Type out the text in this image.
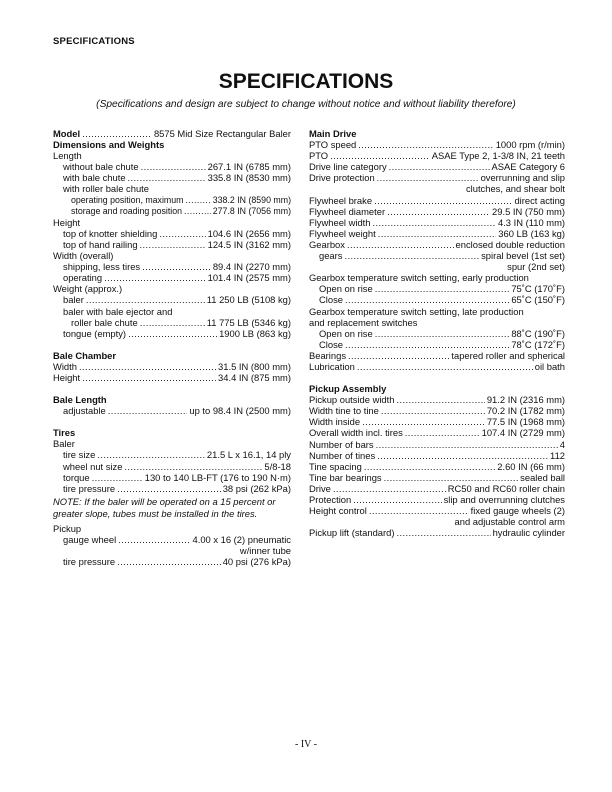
SPECIFICATIONS
SPECIFICATIONS
(Specifications and design are subject to change without notice and without liability therefore)
Model .....	8575 Mid Size Rectangular Baler
Dimensions and Weights
Length
without bale chute .....	267.1 IN (6785 mm)
with bale chute .....	335.8 IN (8530 mm)
with roller bale chute
operating position, maximum .....	338.2 IN (8590 mm)
storage and roading position .....	277.8 IN (7056 mm)
Height
top of knotter shielding .....	104.6 IN (2656 mm)
top of hand railing .....	124.5 IN (3162 mm)
Width (overall)
shipping, less tires .....	89.4 IN (2270 mm)
operating .....	101.4 IN (2575 mm)
Weight (approx.)
baler .....	11 250 LB (5108 kg)
baler with bale ejector and
roller bale chute .....	11 775 LB (5346 kg)
tongue (empty) .....	1900 LB (863 kg)
Bale Chamber
Width .....	31.5 IN (800 mm)
Height .....	34.4 IN (875 mm)
Bale Length
adjustable .....	up to 98.4 IN (2500 mm)
Tires
Baler
tire size .....	21.5 L x 16.1, 14 ply
wheel nut size .....	5/8-18
torque .....	130 to 140 LB-FT (176 to 190 N·m)
tire pressure .....	38 psi (262 kPa)
NOTE: If the baler will be operated on a 15 percent or greater slope, tubes must be installed in the tires.
Pickup
gauge wheel .....	4.00 x 16 (2) pneumatic
w/inner tube
tire pressure .....	40 psi (276 kPa)
Main Drive
PTO speed .....	1000 rpm (r/min)
PTO .....	ASAE Type 2, 1-3/8 IN, 21 teeth
Drive line category .....	ASAE Category 6
Drive protection .....	overrunning and slip
clutches, and shear bolt
Flywheel brake .....	direct acting
Flywheel diameter .....	29.5 IN (750 mm)
Flywheel width .....	4.3 IN (110 mm)
Flywheel weight .....	360 LB (163 kg)
Gearbox .....	enclosed double reduction
gears .....	spiral bevel (1st set)
spur (2nd set)
Gearbox temperature switch setting, early production
Open on rise .....	75˚C (170˚F)
Close .....	65˚C (150˚F)
Gearbox temperature switch setting, late production
and replacement switches
Open on rise .....	88˚C (190˚F)
Close .....	78˚C (172˚F)
Bearings .....	tapered roller and spherical
Lubrication .....	oil bath
Pickup Assembly
Pickup outside width .....	91.2 IN (2316 mm)
Width tine to tine .....	70.2 IN (1782 mm)
Width inside .....	77.5 IN (1968 mm)
Overall width incl. tires .....	107.4 IN (2729 mm)
Number of bars .....	4
Number of tines .....	112
Tine spacing .....	2.60 IN (66 mm)
Tine bar bearings .....	sealed ball
Drive .....	RC50 and RC60 roller chain
Protection .....	slip and overrunning clutches
Height control .....	fixed gauge wheels (2)
and adjustable control arm
Pickup lift (standard) .....	hydraulic cylinder
- IV -
